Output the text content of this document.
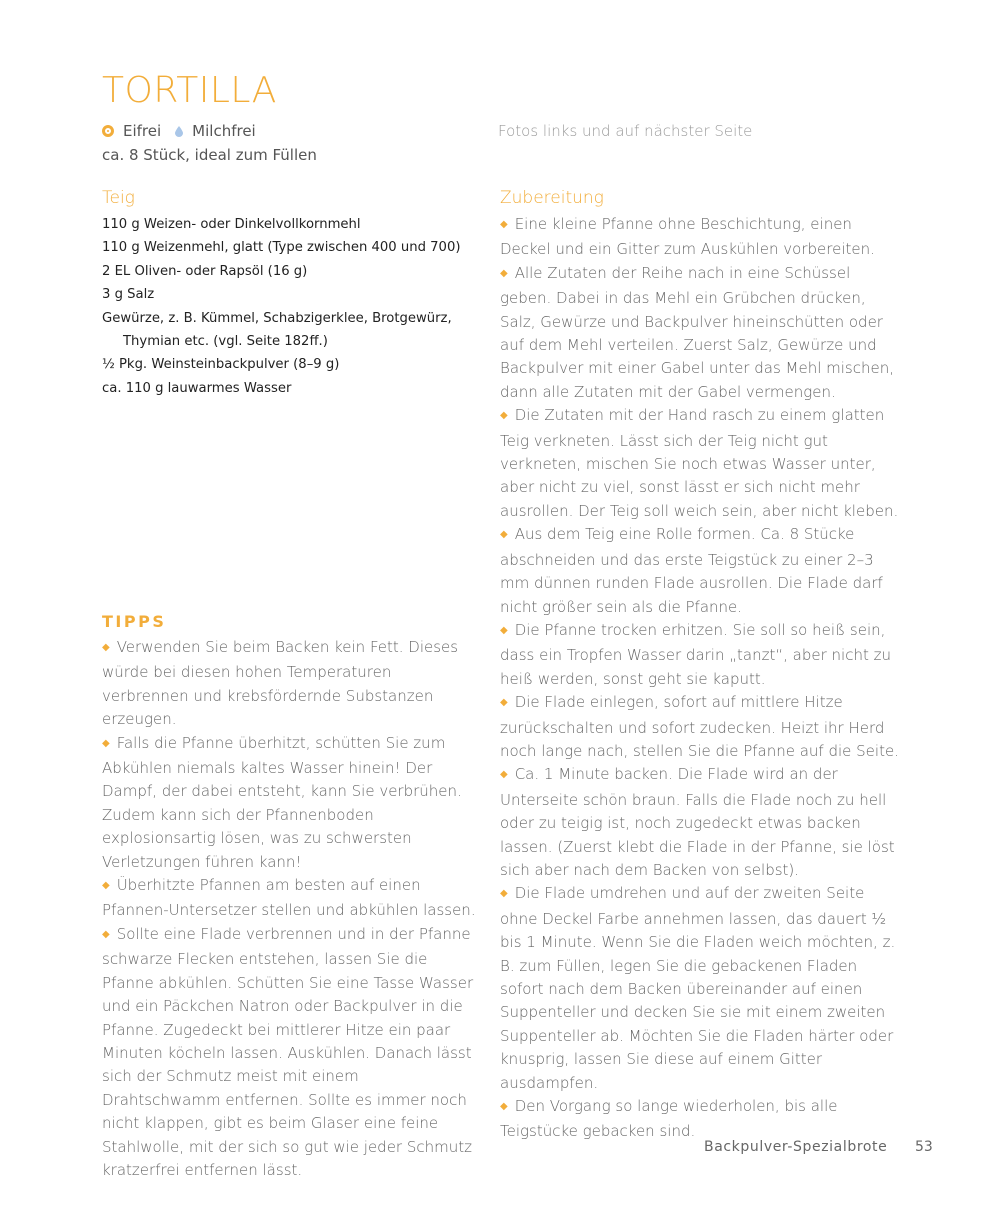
TORTILLA
Eifrei Milchfrei
ca. 8 Stück, ideal zum Füllen
Fotos links und auf nächster Seite
Teig
110 g Weizen- oder Dinkelvollkornmehl
110 g Weizenmehl, glatt (Type zwischen 400 und 700)
2 EL Oliven- oder Rapsöl (16 g)
3 g Salz
Gewürze, z. B. Kümmel, Schabzigerklee, Brotgewürz,
Thymian etc. (vgl. Seite 182ff.)
½ Pkg. Weinsteinbackpulver (8–9 g)
ca. 110 g lauwarmes Wasser
TIPPS

◆ Verwenden Sie beim Backen kein Fett. Dieses würde bei diesen hohen Temperaturen verbrennen und krebsfördernde Substanzen erzeugen.

◆ Falls die Pfanne überhitzt, schütten Sie zum Abkühlen niemals kaltes Wasser hinein! Der Dampf, der dabei entsteht, kann Sie verbrühen. Zudem kann sich der Pfannenboden explosionsartig lösen, was zu schwersten Verletzungen führen kann!

◆ Überhitzte Pfannen am besten auf einen Pfannen-Untersetzer stellen und abkühlen lassen.

◆ Sollte eine Flade verbrennen und in der Pfanne schwarze Flecken entstehen, lassen Sie die Pfanne abkühlen. Schütten Sie eine Tasse Wasser und ein Päckchen Natron oder Backpulver in die Pfanne. Zugedeckt bei mittlerer Hitze ein paar Minuten köcheln lassen. Auskühlen. Danach lässt sich der Schmutz meist mit einem Drahtschwamm entfernen. Sollte es immer noch nicht klappen, gibt es beim Glaser eine feine Stahlwolle, mit der sich so gut wie jeder Schmutz kratzerfrei entfernen lässt.

Zubereitung

◆ Eine kleine Pfanne ohne Beschichtung, einen Deckel und ein Gitter zum Auskühlen vorbereiten.

◆ Alle Zutaten der Reihe nach in eine Schüssel geben. Dabei in das Mehl ein Grübchen drücken, Salz, Gewürze und Backpulver hineinschütten oder auf dem Mehl verteilen. Zuerst Salz, Gewürze und Backpulver mit einer Gabel unter das Mehl mischen, dann alle Zutaten mit der Gabel vermengen.

◆ Die Zutaten mit der Hand rasch zu einem glatten Teig verkneten. Lässt sich der Teig nicht gut verkneten, mischen Sie noch etwas Wasser unter, aber nicht zu viel, sonst lässt er sich nicht mehr ausrollen. Der Teig soll weich sein, aber nicht kleben.

◆ Aus dem Teig eine Rolle formen. Ca. 8 Stücke abschneiden und das erste Teigstück zu einer 2–3 mm dünnen runden Flade ausrollen. Die Flade darf nicht größer sein als die Pfanne.

◆ Die Pfanne trocken erhitzen. Sie soll so heiß sein, dass ein Tropfen Wasser darin „tanzt“, aber nicht zu heiß werden, sonst geht sie kaputt.

◆ Die Flade einlegen, sofort auf mittlere Hitze zurückschalten und sofort zudecken. Heizt ihr Herd noch lange nach, stellen Sie die Pfanne auf die Seite.

◆ Ca. 1 Minute backen. Die Flade wird an der Unterseite schön braun. Falls die Flade noch zu hell oder zu teigig ist, noch zugedeckt etwas backen lassen. (Zuerst klebt die Flade in der Pfanne, sie löst sich aber nach dem Backen von selbst).

◆ Die Flade umdrehen und auf der zweiten Seite ohne Deckel Farbe annehmen lassen, das dauert ½ bis 1 Minute. Wenn Sie die Fladen weich möchten, z. B. zum Füllen, legen Sie die gebackenen Fladen sofort nach dem Backen übereinander auf einen Suppenteller und decken Sie sie mit einem zweiten Suppenteller ab. Möchten Sie die Fladen härter oder knusprig, lassen Sie diese auf einem Gitter ausdampfen.

◆ Den Vorgang so lange wiederholen, bis alle Teigstücke gebacken sind.

Backpulver-Spezialbrote 53
